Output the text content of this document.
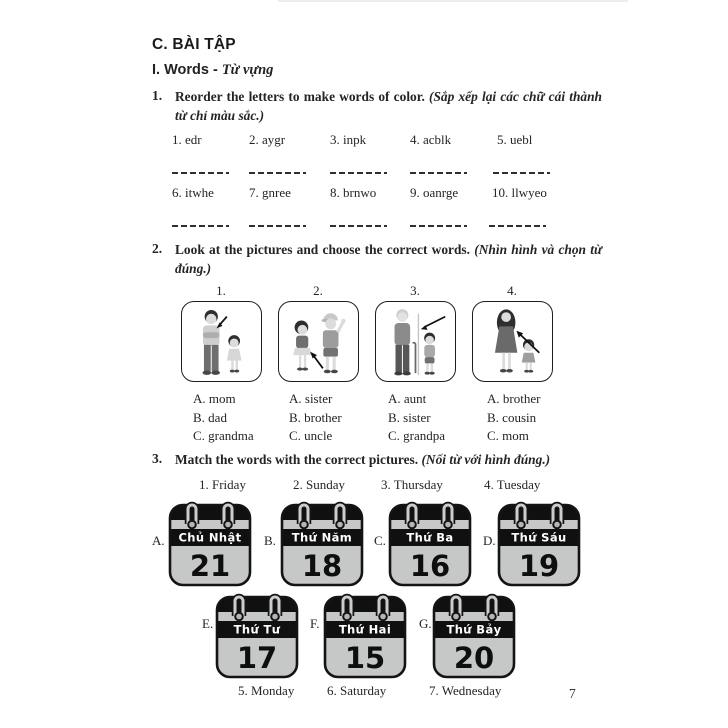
C. BÀI TẬP
I. Words - Từ vựng
1. Reorder the letters to make words of color. (Sắp xếp lại các chữ cái thành từ chỉ màu sắc.)
1. edr	2. aygr	3. inpk	4. acblk	5. uebl
6. itwhe	7. gnree	8. brnwo	9. oanrge	10. llwyeo
2. Look at the pictures and choose the correct words. (Nhìn hình và chọn từ đúng.)
1.	2.	3.	4.
A. mom
B. dad
C. grandma
A. sister
B. brother
C. uncle
A. aunt
B. sister
C. grandpa
A. brother
B. cousin
C. mom
3. Match the words with the correct pictures. (Nối từ với hình đúng.)
1. Friday	2. Sunday	3. Thursday	4. Tuesday
A.	B.	C.	D.
Chủ Nhật
21
Thứ Năm
18
Thứ Ba
16
Thứ Sáu
19
E.	F.	G.
Thứ Tư
17
Thứ Hai
15
Thứ Bảy
20
5. Monday	6. Saturday	7. Wednesday	7
